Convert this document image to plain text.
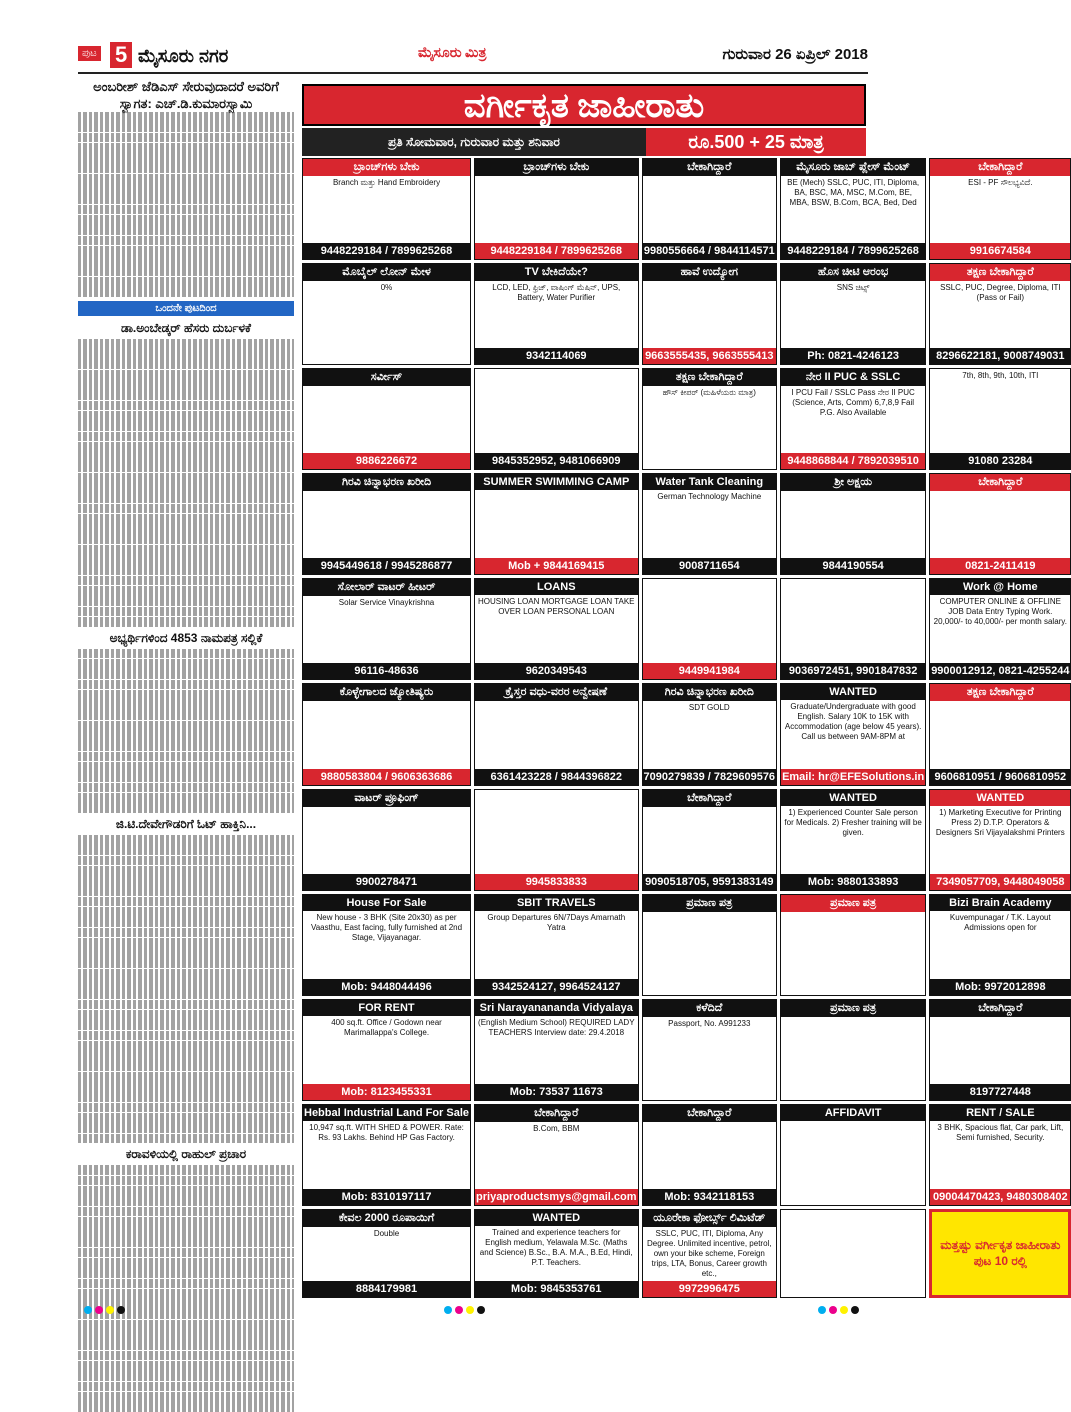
ಪುಟ 5 ಮೈಸೂರು ನಗರ	ಮೈಸೂರು ಮಿತ್ರ	ಗುರುವಾರ 26 ಏಪ್ರಿಲ್ 2018
ಅಂಬರೀಶ್ ಜೆಡಿಎಸ್ ಸೇರುವುದಾದರೆ ಅವರಿಗೆ ಸ್ವಾಗತ: ಎಚ್.ಡಿ.ಕುಮಾರಸ್ವಾಮಿ
ಒಂದನೇ ಪುಟದಿಂದ
ಡಾ.ಅಂಬೇಡ್ಕರ್ ಹೆಸರು ದುರ್ಬಳಕೆ
ಅಭ್ಯರ್ಥಿಗಳಿಂದ 4853 ನಾಮಪತ್ರ ಸಲ್ಲಿಕೆ
ಜಿ.ಟಿ.ದೇವೇಗೌಡರಿಗೆ ಓಟ್ ಹಾಕ್ತಿನಿ...
ಕರಾವಳಿಯಲ್ಲಿ ರಾಹುಲ್ ಪ್ರಚಾರ
ವರ್ಗೀಕೃತ ಜಾಹೀರಾತು
ಪ್ರತಿ ಸೋಮವಾರ, ಗುರುವಾರ ಮತ್ತು ಶನಿವಾರ	ರೂ.500 + 25 ಮಾತ್ರ
ಬ್ರಾಂಚ್‌ಗಳು ಬೇಕು
Branch ಮತ್ತು Hand Embroidery
9448229184 / 7899625268
ಬ್ರಾಂಚ್‌ಗಳು ಬೇಕು
9448229184 / 7899625268
ಬೇಕಾಗಿದ್ದಾರೆ
9980556664 / 9844114571
ಮೈಸೂರು ಜಾಬ್ ಪ್ಲೇಸ್ ಮೆಂಟ್
BE (Mech) SSLC, PUC, ITI, Diploma, BA, BSC, MA, MSC, M.Com, BE, MBA, BSW, B.Com, BCA, Bed, Ded
9448229184 / 7899625268
ಬೇಕಾಗಿದ್ದಾರೆ
ESI - PF ಸೌಲಭ್ಯವಿದೆ.
9916674584
ಮೊಬೈಲ್ ಲೋನ್ ಮೇಳ
0%
TV ಬೇಕಿದೆಯೇ?
LCD, LED, ಫ್ರಿಜ್, ವಾಷಿಂಗ್ ಮೆಷಿನ್, UPS, Battery, Water Purifier
9342114069
ಹಾವೆ ಉದ್ಯೋಗ
9663555435, 9663555413
ಹೊಸ ಚೀಟಿ ಆರಂಭ
SNS ಚಿಟ್ಸ್
Ph: 0821-4246123
ತಕ್ಷಣ ಬೇಕಾಗಿದ್ದಾರೆ
SSLC, PUC, Degree, Diploma, ITI (Pass or Fail)
8296622181, 9008749031
ಸರ್ವೀಸ್
9886226672	9845352952, 9481066909
ತಕ್ಷಣ ಬೇಕಾಗಿದ್ದಾರೆ
ಹೌಸ್ ಕೀಪರ್ (ಮಹಿಳೆಯರು ಮಾತ್ರ)
ನೇರ II PUC & SSLC
I PCU Fail / SSLC Pass ನೇರ II PUC (Science, Arts, Comm) 6,7,8,9 Fail P.G. Also Available
9448868844 / 7892039510
7th, 8th, 9th, 10th, ITI
91080 23284
ಗಿರವಿ ಚಿನ್ನಾಭರಣ ಖರೀದಿ
9945449618 / 9945286877
SUMMER SWIMMING CAMP
Mob + 9844169415
Water Tank Cleaning
German Technology Machine
9008711654
ಶ್ರೀ ಅಕ್ಷಯ
9844190554
ಬೇಕಾಗಿದ್ದಾರೆ
0821-2411419
ಸೋಲಾರ್ ವಾಟರ್ ಹೀಟರ್
Solar Service Vinaykrishna
96116-48636
LOANS
HOUSING LOAN MORTGAGE LOAN TAKE OVER LOAN PERSONAL LOAN
9620349543	9449941984	9036972451, 9901847832
Work @ Home
COMPUTER ONLINE & OFFLINE JOB Data Entry Typing Work. 20,000/- to 40,000/- per month salary.
9900012912, 0821-4255244
ಕೊಳ್ಳೇಗಾಲದ ಜ್ಯೋತಿಷ್ಯರು
9880583804 / 9606363686
ಕ್ರೈಸ್ತರ ವಧು-ವರರ ಅನ್ವೇಷಣೆ
6361423228 / 9844396822
ಗಿರವಿ ಚಿನ್ನಾಭರಣ ಖರೀದಿ
SDT GOLD
7090279839 / 7829609576
WANTED
Graduate/Undergraduate with good English. Salary 10K to 15K with Accommodation (age below 45 years). Call us between 9AM-8PM at
Email: hr@EFESolutions.in
ತಕ್ಷಣ ಬೇಕಾಗಿದ್ದಾರೆ
9606810951 / 9606810952
ವಾಟರ್ ಪ್ರೂಫಿಂಗ್
9900278471	9945833833
ಬೇಕಾಗಿದ್ದಾರೆ
9090518705, 9591383149
WANTED
1) Experienced Counter Sale person for Medicals. 2) Fresher training will be given.
Mob: 9880133893
WANTED
1) Marketing Executive for Printing Press 2) D.T.P. Operators & Designers Sri Vijayalakshmi Printers
7349057709, 9448049058
House For Sale
New house - 3 BHK (Site 20x30) as per Vaasthu, East facing, fully furnished at 2nd Stage, Vijayanagar.
Mob: 9448044496
SBIT TRAVELS
Group Departures 6N/7Days Amarnath Yatra
9342524127, 9964524127
ಪ್ರಮಾಣ ಪತ್ರ	ಪ್ರಮಾಣ ಪತ್ರ	Bizi Brain Academy
Kuvempunagar / T.K. Layout Admissions open for
Mob: 9972012898
FOR RENT
400 sq.ft. Office / Godown near Marimallappa's College.
Mob: 8123455331
Sri Narayanananda Vidyalaya
(English Medium School) REQUIRED LADY TEACHERS Interview date: 29.4.2018
Mob: 73537 11673
ಕಳೆದಿದೆ
Passport, No. A991233
ಪ್ರಮಾಣ ಪತ್ರ	ಬೇಕಾಗಿದ್ದಾರೆ
8197727448
Hebbal Industrial Land For Sale
10,947 sq.ft. WITH SHED & POWER. Rate: Rs. 93 Lakhs. Behind HP Gas Factory.
Mob: 8310197117
ಬೇಕಾಗಿದ್ದಾರೆ
B.Com, BBM
priyaproductsmys@gmail.com
ಬೇಕಾಗಿದ್ದಾರೆ
Mob: 9342118153
AFFIDAVIT	RENT / SALE
3 BHK, Spacious flat, Car park, Lift, Semi furnished, Security.
09004470423, 9480308402
ಕೇವಲ 2000 ರೂಪಾಯಿಗೆ
Double
8884179981
WANTED
Trained and experience teachers for English medium, Yelawala M.Sc. (Maths and Science) B.Sc., B.A. M.A., B.Ed, Hindi, P.T. Teachers.
Mob: 9845353761
ಯೂರೇಕಾ ಫೋರ್ಬ್ಸ್ ಲಿಮಿಟೆಡ್
SSLC, PUC, ITI, Diploma, Any Degree. Unlimited incentive, petrol, own your bike scheme, Foreign trips, LTA, Bonus, Career growth etc.,
9972996475
ಮತ್ತಷ್ಟು ವರ್ಗೀಕೃತ ಜಾಹೀರಾತು ಪುಟ 10 ರಲ್ಲಿ
